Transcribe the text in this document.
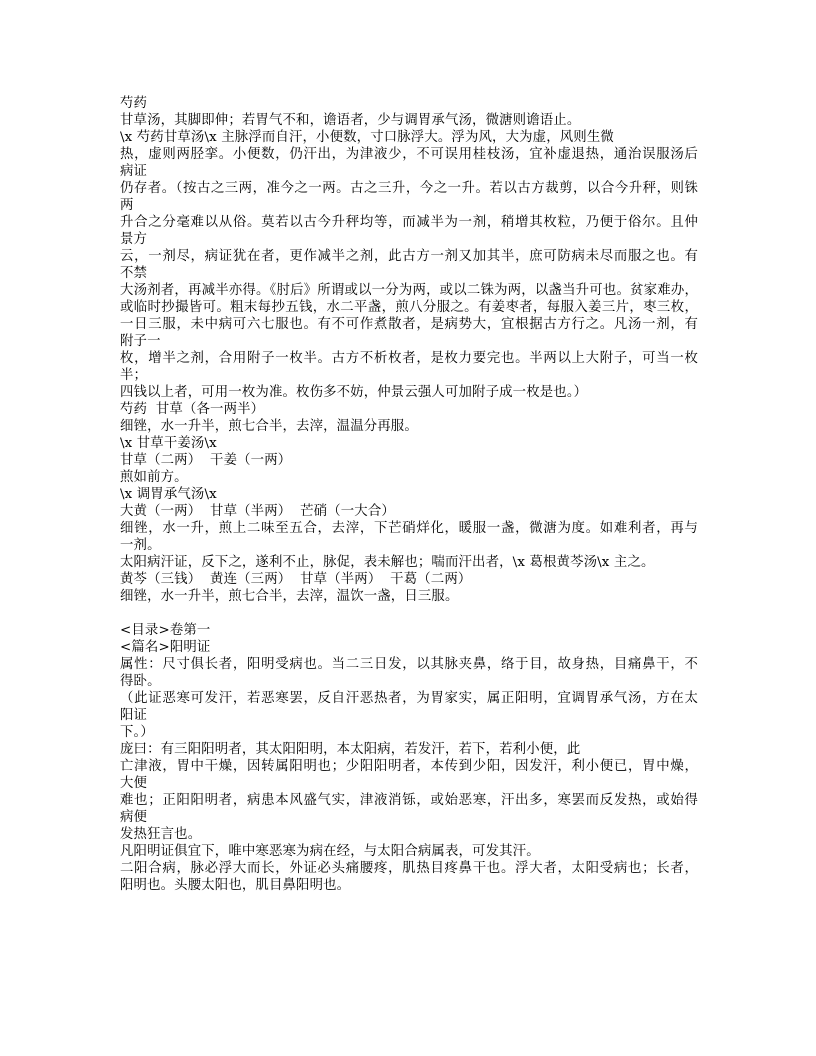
芍药
甘草汤，其脚即伸；若胃气不和，谵语者，少与调胃承气汤，微溏则谵语止。
\x 芍药甘草汤\x 主脉浮而自汗，小便数，寸口脉浮大。浮为风，大为虚，风则生微
热，虚则两胫挛。小便数，仍汗出，为津液少，不可误用桂枝汤，宜补虚退热，通治误服汤后
病证
仍存者。（按古之三两，准今之一两。古之三升，今之一升。若以古方裁剪，以合今升秤，则铢
两
升合之分毫难以从俗。莫若以古今升秤均等，而减半为一剂，稍增其枚粒，乃便于俗尔。且仲
景方
云，一剂尽，病证犹在者，更作减半之剂，此古方一剂又加其半，庶可防病未尽而服之也。有
不禁
大汤剂者，再减半亦得。《肘后》所谓或以一分为两，或以二铢为两，以盏当升可也。贫家难办，
或临时抄撮皆可。粗末每抄五钱，水二平盏，煎八分服之。有姜枣者，每服入姜三片，枣三枚，
一日三服，未中病可六七服也。有不可作煮散者，是病势大，宜根据古方行之。凡汤一剂，有
附子一
枚，增半之剂，合用附子一枚半。古方不析枚者，是枚力要完也。半两以上大附子，可当一枚
半；
四钱以上者，可用一枚为准。枚伤多不妨，仲景云强人可加附子成一枚是也。）
芍药  甘草（各一两半）
细锉，水一升半，煎七合半，去滓，温温分再服。
\x 甘草干姜汤\x
甘草（二两）  干姜（一两）
煎如前方。
\x 调胃承气汤\x
大黄（一两）  甘草（半两）  芒硝（一大合）
细锉，水一升，煎上二味至五合，去滓，下芒硝烊化，暖服一盏，微溏为度。如难利者，再与
一剂。
太阳病汗证，反下之，遂利不止，脉促，表未解也；喘而汗出者，\x 葛根黄芩汤\x 主之。
黄芩（三钱）  黄连（三两）  甘草（半两）  干葛（二两）
细锉，水一升半，煎七合半，去滓，温饮一盏，日三服。
<目录>卷第一
<篇名>阳明证
属性：尺寸俱长者，阳明受病也。当二三日发，以其脉夹鼻，络于目，故身热，目痛鼻干，不
得卧。
（此证恶寒可发汗，若恶寒罢，反自汗恶热者，为胃家实，属正阳明，宜调胃承气汤，方在太
阳证
下。）
庞曰：有三阳阳明者，其太阳阳明，本太阳病，若发汗，若下，若利小便，此
亡津液，胃中干燥，因转属阳明也；少阳阳明者，本传到少阳，因发汗，利小便已，胃中燥，
大便
难也；正阳阳明者，病患本风盛气实，津液消铄，或始恶寒，汗出多，寒罢而反发热，或始得
病便
发热狂言也。
凡阳明证俱宜下，唯中寒恶寒为病在经，与太阳合病属表，可发其汗。
二阳合病，脉必浮大而长，外证必头痛腰疼，肌热目疼鼻干也。浮大者，太阳受病也；长者，
阳明也。头腰太阳也，肌目鼻阳明也。
